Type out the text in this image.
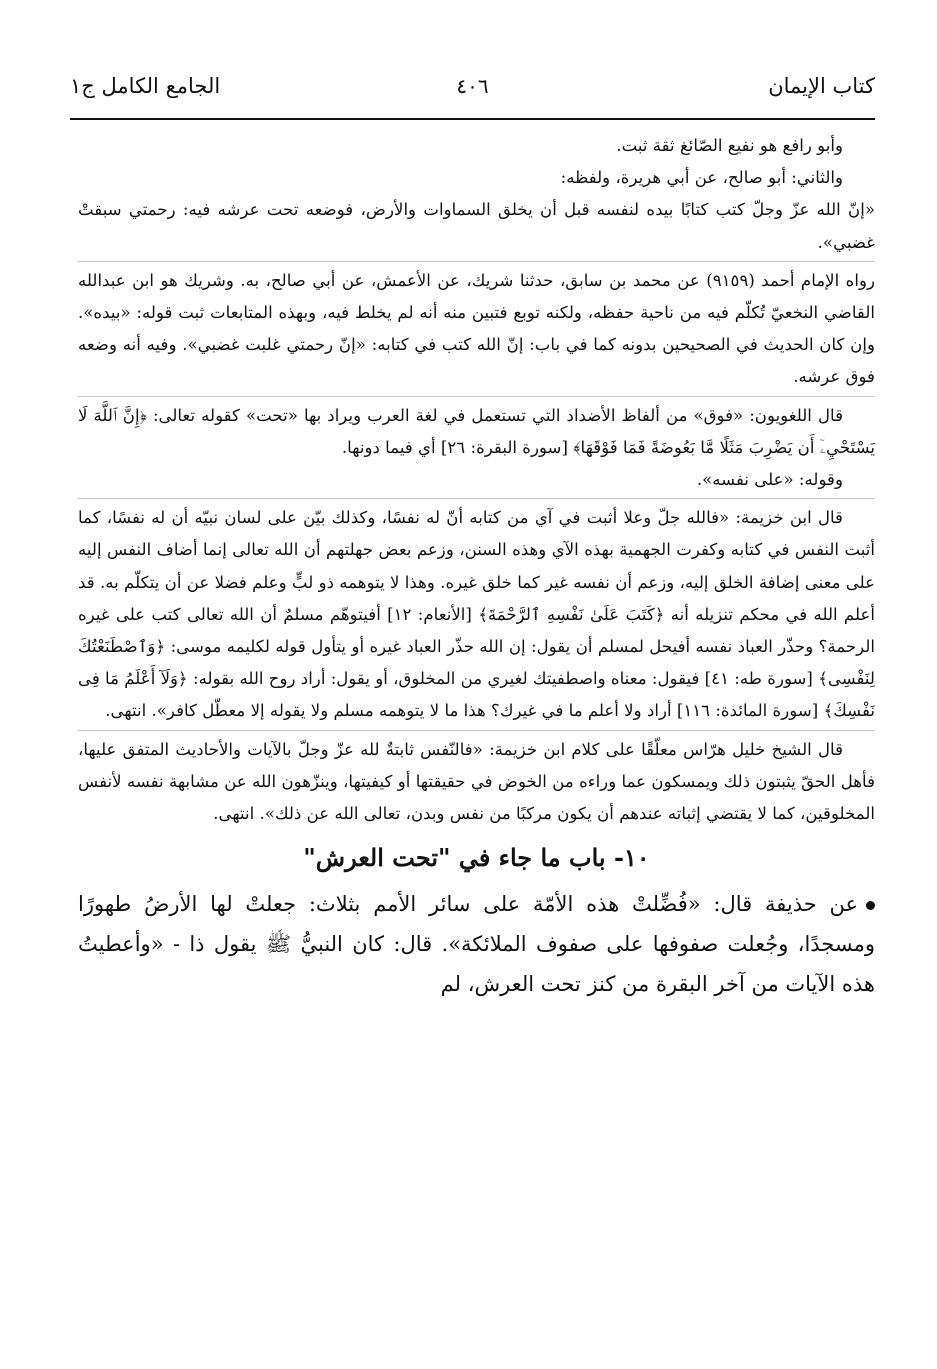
كتاب الإيمان
٤٠٦
الجامع الكامل ج١

وأبو رافع هو نفيع الصّائغ ثقة ثبت.

والثاني: أبو صالح، عن أبي هريرة، ولفظه:

«إنّ الله عزّ وجلّ كتب كتابًا بيده لنفسه قبل أن يخلق السماوات والأرض، فوضعه تحت عرشه فيه: رحمتي سبقتْ غضبي».

رواه الإمام أحمد (٩١٥٩) عن محمد بن سابق، حدثنا شريك، عن الأعمش، عن أبي صالح، به. وشريك هو ابن عبدالله القاضي النخعيّ تُكلّم فيه من ناحية حفظه، ولكنه توبع فتبين منه أنه لم يخلط فيه، وبهذه المتابعات ثبت قوله: «بيده». وإن كان الحديث في الصحيحين بدونه كما في باب: إنّ الله كتب في كتابه: «إنّ رحمتي غلبت غضبي». وفيه أنه وضعه فوق عرشه.

قال اللغويون: «فوق» من ألفاظ الأضداد التي تستعمل في لغة العرب ويراد بها «تحت» كقوله تعالى: ﴿إِنَّ ٱللَّهَ لَا يَسْتَحْيِۦٓ أَن يَضْرِبَ مَثَلًا مَّا بَعُوضَةً فَمَا فَوْقَهَا﴾ [سورة البقرة: ٢٦] أي فيما دونها.

وقوله: «على نفسه».

قال ابن خزيمة: «فالله جلّ وعلا أثبت في آي من كتابه أنّ له نفسًا، وكذلك بيّن على لسان نبيّه أن له نفسًا، كما أثبت النفس في كتابه وكفرت الجهمية بهذه الآي وهذه السنن، وزعم بعض جهلتهم أن الله تعالى إنما أضاف النفس إليه على معنى إضافة الخلق إليه، وزعم أن نفسه غير كما خلق غيره. وهذا لا يتوهمه ذو لبٍّ وعلم فضلا عن أن يتكلّم به. قد أعلم الله في محكم تنزيله أنه ﴿كَتَبَ عَلَىٰ نَفْسِهِ ٱلرَّحْمَةَ﴾ [الأنعام: ١٢] أفيتوهّم مسلمٌ أن الله تعالى كتب على غيره الرحمة؟ وحذّر العباد نفسه أفيحل لمسلم أن يقول: إن الله حذّر العباد غيره أو يتأول قوله لكليمه موسى: ﴿وَٱصْطَنَعْتُكَ لِنَفْسِى﴾ [سورة طه: ٤١] فيقول: معناه واصطفيتك لغيري من المخلوق، أو يقول: أراد روح الله بقوله: ﴿وَلَآ أَعْلَمُ مَا فِى نَفْسِكَ﴾ [سورة المائدة: ١١٦] أراد ولا أعلم ما في غيرك؟ هذا ما لا يتوهمه مسلم ولا يقوله إلا معطّل كافر». انتهى.

قال الشيخ خليل هرّاس معلّقًا على كلام ابن خزيمة: «فالنّفس ثابتةٌ لله عزّ وجلّ بالآيات والأحاديث المتفق عليها، فأهل الحقّ يثبتون ذلك ويمسكون عما وراءه من الخوض في حقيقتها أو كيفيتها، وينزّهون الله عن مشابهة نفسه لأنفس المخلوقين، كما لا يقتضي إثباته عندهم أن يكون مركبًا من نفس وبدن، تعالى الله عن ذلك». انتهى.

١٠- باب ما جاء في "تحت العرش"

عن حذيفة قال: «فُضِّلتْ هذه الأمّة على سائر الأمم بثلاث: جعلتْ لها الأرضُ طهورًا ومسجدًا، وجُعلت صفوفها على صفوف الملائكة». قال: كان النبيُّ ﷺ يقول ذا - «وأعطيتُ هذه الآيات من آخر البقرة من كنز تحت العرش، لم
